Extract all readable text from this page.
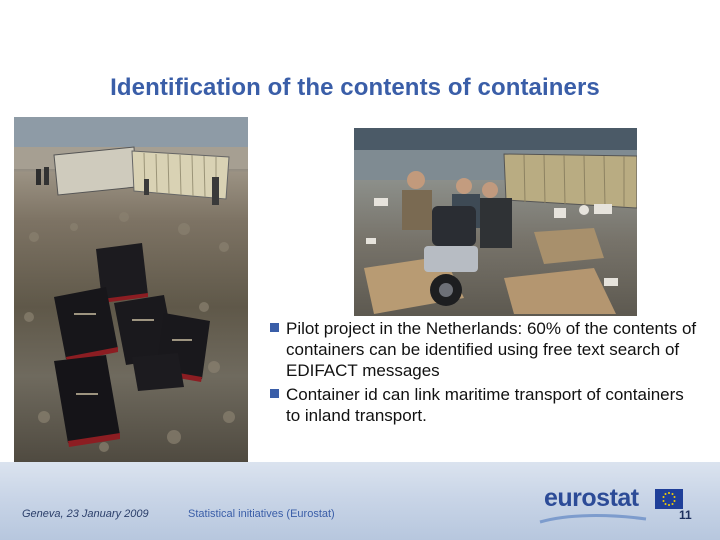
Identification of the contents of containers
Pilot project in the Netherlands: 60% of the contents of containers can be identified using free text search of EDIFACT messages
Container id can link maritime transport of containers to inland transport.
Geneva, 23 January 2009	Statistical initiatives (Eurostat)
eurostat
11
